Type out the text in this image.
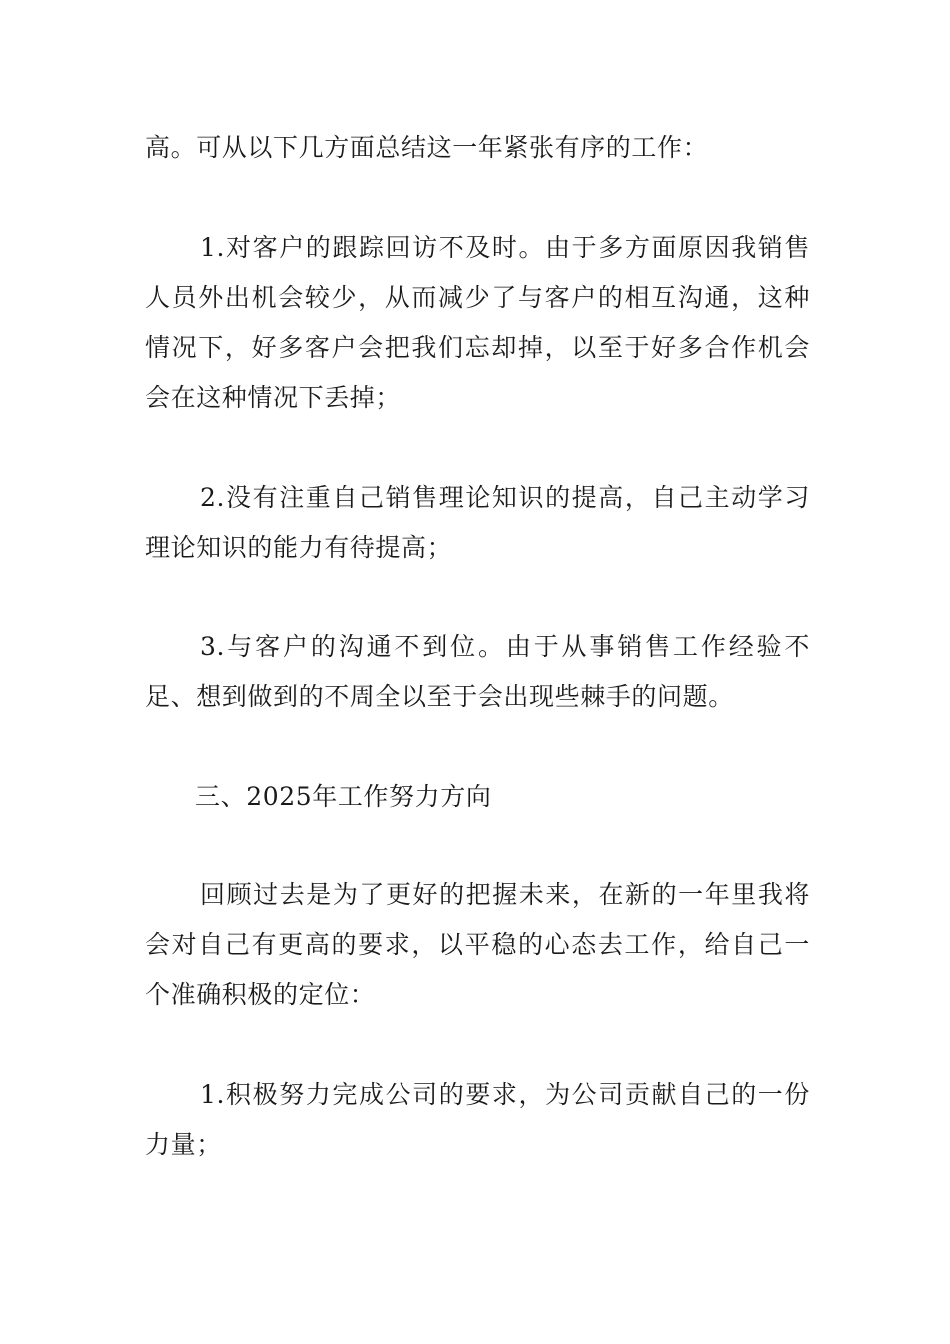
高。可从以下几方面总结这一年紧张有序的工作：

1.对客户的跟踪回访不及时。由于多方面原因我销售人员外出机会较少，从而减少了与客户的相互沟通，这种情况下，好多客户会把我们忘却掉，以至于好多合作机会会在这种情况下丢掉；

2.没有注重自己销售理论知识的提高，自己主动学习理论知识的能力有待提高；

3.与客户的沟通不到位。由于从事销售工作经验不足、想到做到的不周全以至于会出现些棘手的问题。

三、2025年工作努力方向

回顾过去是为了更好的把握未来，在新的一年里我将会对自己有更高的要求，以平稳的心态去工作，给自己一个准确积极的定位：

1.积极努力完成公司的要求，为公司贡献自己的一份力量；
